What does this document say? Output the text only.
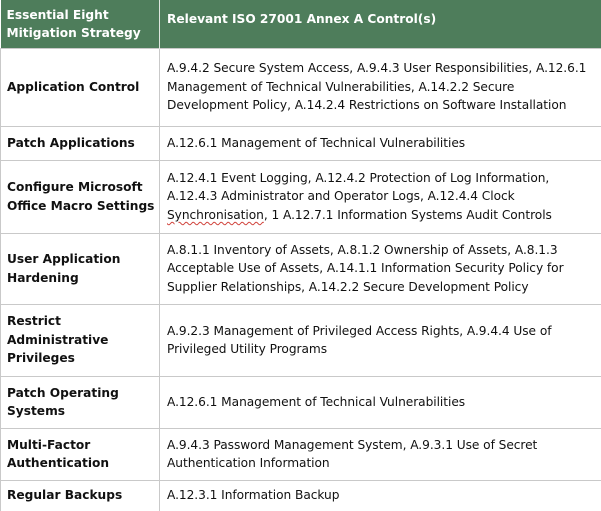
Essential Eight Mitigation Strategy	Relevant ISO 27001 Annex A Control(s)
Application Control	A.9.4.2 Secure System Access, A.9.4.3 User Responsibilities, A.12.6.1 Management of Technical Vulnerabilities, A.14.2.2 Secure Development Policy, A.14.2.4 Restrictions on Software Installation
Patch Applications	A.12.6.1 Management of Technical Vulnerabilities
Configure Microsoft Office Macro Settings	A.12.4.1 Event Logging, A.12.4.2 Protection of Log Information, A.12.4.3 Administrator and Operator Logs, A.12.4.4 Clock Synchronisation, 1 A.12.7.1 Information Systems Audit Controls
User Application Hardening	A.8.1.1 Inventory of Assets, A.8.1.2 Ownership of Assets, A.8.1.3 Acceptable Use of Assets, A.14.1.1 Information Security Policy for Supplier Relationships, A.14.2.2 Secure Development Policy
Restrict Administrative Privileges	A.9.2.3 Management of Privileged Access Rights, A.9.4.4 Use of Privileged Utility Programs
Patch Operating Systems	A.12.6.1 Management of Technical Vulnerabilities
Multi-Factor Authentication	A.9.4.3 Password Management System, A.9.3.1 Use of Secret Authentication Information
Regular Backups	A.12.3.1 Information Backup
